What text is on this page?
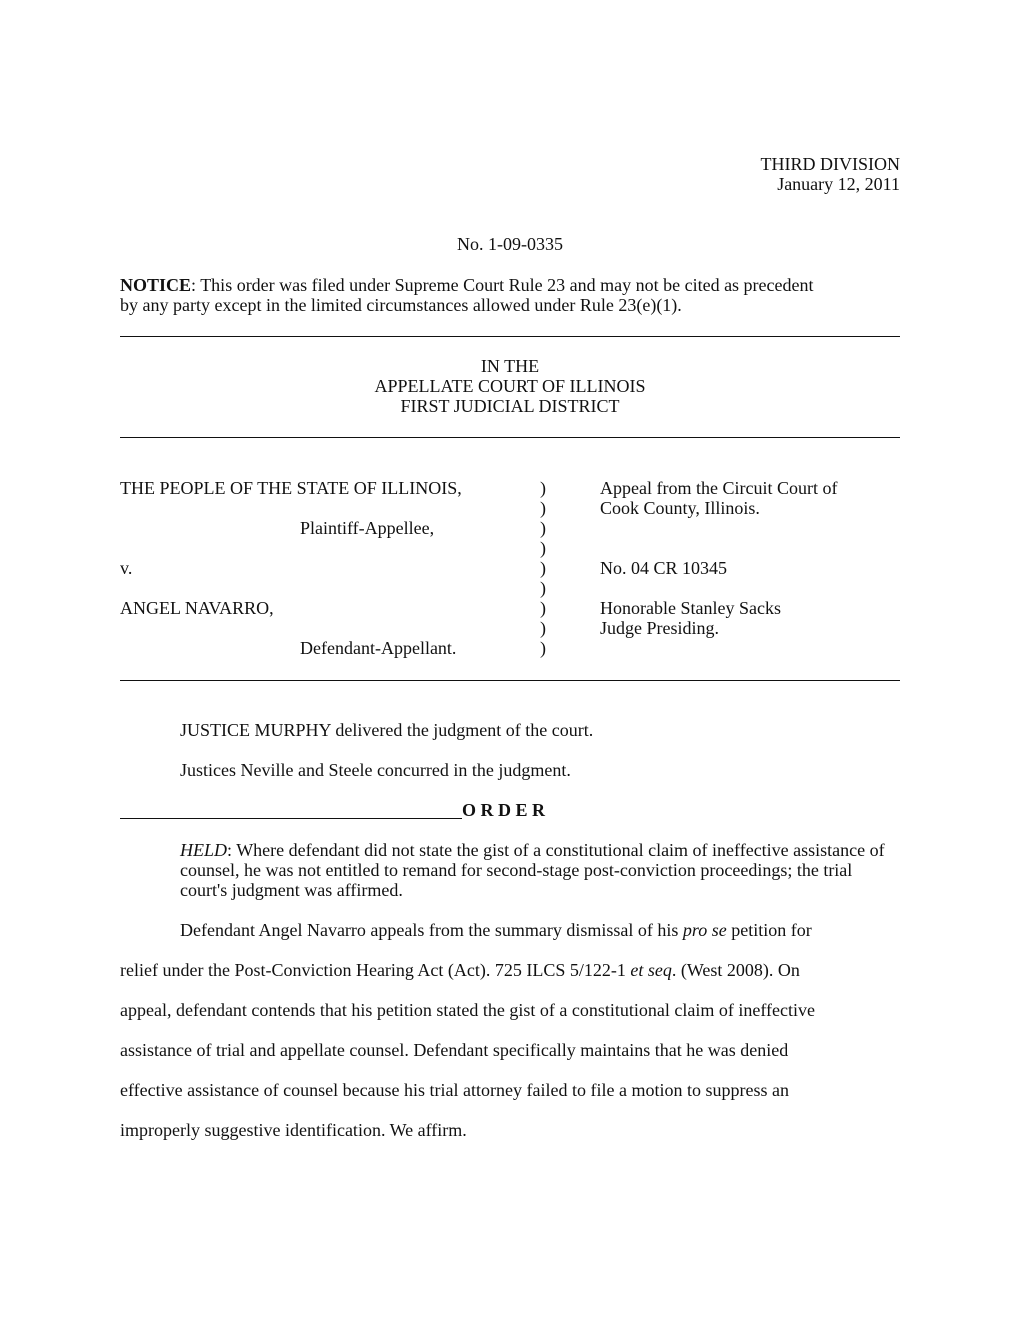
THIRD DIVISION
January 12, 2011
No. 1-09-0335
NOTICE: This order was filed under Supreme Court Rule 23 and may not be cited as precedent
by any party except in the limited circumstances allowed under Rule 23(e)(1).
IN THE
APPELLATE COURT OF ILLINOIS
FIRST JUDICIAL DISTRICT
THE PEOPLE OF THE STATE OF ILLINOIS,
Plaintiff-Appellee,
v.
ANGEL NAVARRO,
Defendant-Appellant.
)
)
)
)
)
)
)
)
)
Appeal from the Circuit Court of
Cook County, Illinois.
No. 04 CR 10345
Honorable Stanley Sacks
Judge Presiding.
JUSTICE MURPHY delivered the judgment of the court.
Justices Neville and Steele concurred in the judgment.
O R D E R
HELD: Where defendant did not state the gist of a constitutional claim of ineffective assistance of counsel, he was not entitled to remand for second-stage post-conviction proceedings; the trial court's judgment was affirmed.
Defendant Angel Navarro appeals from the summary dismissal of his pro se petition for
relief under the Post-Conviction Hearing Act (Act). 725 ILCS 5/122-1 et seq. (West 2008). On
appeal, defendant contends that his petition stated the gist of a constitutional claim of ineffective
assistance of trial and appellate counsel. Defendant specifically maintains that he was denied
effective assistance of counsel because his trial attorney failed to file a motion to suppress an
improperly suggestive identification. We affirm.
